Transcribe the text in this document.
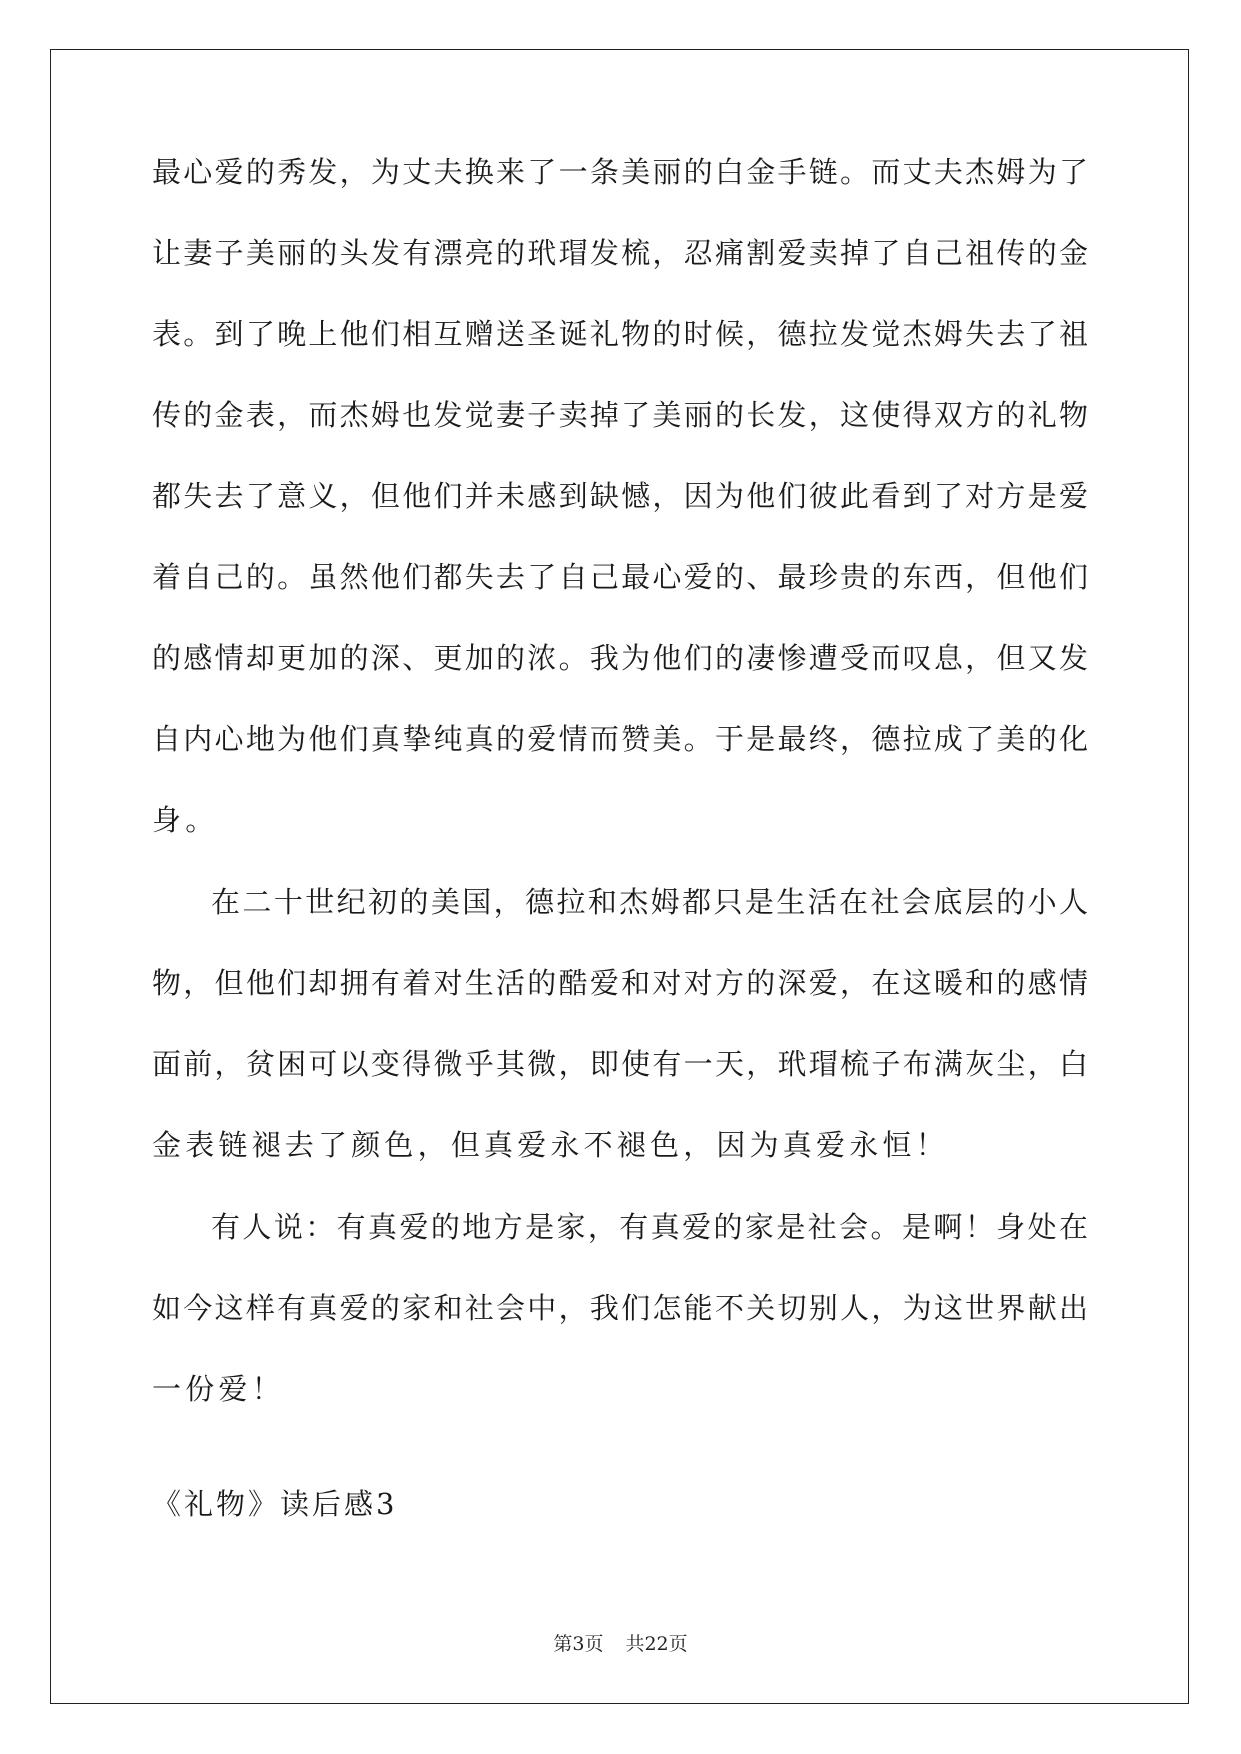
最心爱的秀发，为丈夫换来了一条美丽的白金手链。而丈夫杰姆为了
让妻子美丽的头发有漂亮的玳瑁发梳，忍痛割爱卖掉了自己祖传的金
表。到了晚上他们相互赠送圣诞礼物的时候，德拉发觉杰姆失去了祖
传的金表，而杰姆也发觉妻子卖掉了美丽的长发，这使得双方的礼物
都失去了意义，但他们并未感到缺憾，因为他们彼此看到了对方是爱
着自己的。虽然他们都失去了自己最心爱的、最珍贵的东西，但他们
的感情却更加的深、更加的浓。我为他们的凄惨遭受而叹息，但又发
自内心地为他们真挚纯真的爱情而赞美。于是最终，德拉成了美的化
身。
在二十世纪初的美国，德拉和杰姆都只是生活在社会底层的小人
物，但他们却拥有着对生活的酷爱和对对方的深爱，在这暖和的感情
面前，贫困可以变得微乎其微，即使有一天，玳瑁梳子布满灰尘，白
金表链褪去了颜色，但真爱永不褪色，因为真爱永恒！
有人说：有真爱的地方是家，有真爱的家是社会。是啊！身处在
如今这样有真爱的家和社会中，我们怎能不关切别人，为这世界献出
一份爱！
《礼物》读后感3
第3页 共22页
